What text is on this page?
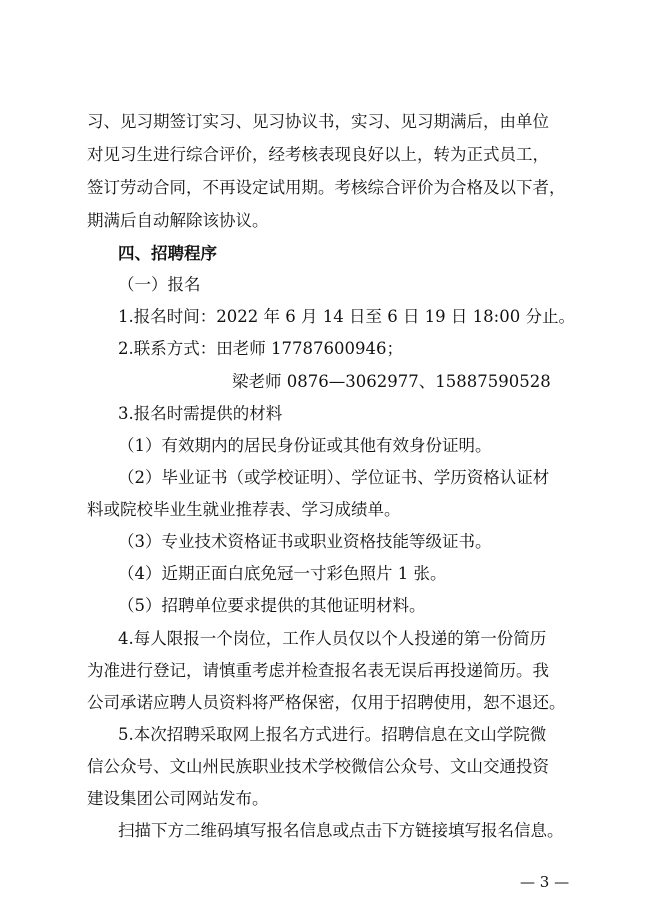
习、见习期签订实习、见习协议书，实习、见习期满后，由单位
对见习生进行综合评价，经考核表现良好以上，转为正式员工，
签订劳动合同，不再设定试用期。考核综合评价为合格及以下者，
期满后自动解除该协议。
四、招聘程序
（一）报名
1.报名时间：2022 年 6 月 14 日至 6 日 19 日 18:00 分止。
2.联系方式：田老师 17787600946；
梁老师 0876—3062977、15887590528
3.报名时需提供的材料
（1）有效期内的居民身份证或其他有效身份证明。
（2）毕业证书（或学校证明）、学位证书、学历资格认证材
料或院校毕业生就业推荐表、学习成绩单。
（3）专业技术资格证书或职业资格技能等级证书。
（4）近期正面白底免冠一寸彩色照片 1 张。
（5）招聘单位要求提供的其他证明材料。
4.每人限报一个岗位，工作人员仅以个人投递的第一份简历
为准进行登记，请慎重考虑并检查报名表无误后再投递简历。我
公司承诺应聘人员资料将严格保密，仅用于招聘使用，恕不退还。
5.本次招聘采取网上报名方式进行。招聘信息在文山学院微
信公众号、文山州民族职业技术学校微信公众号、文山交通投资
建设集团公司网站发布。
扫描下方二维码填写报名信息或点击下方链接填写报名信息。
— 3 —
